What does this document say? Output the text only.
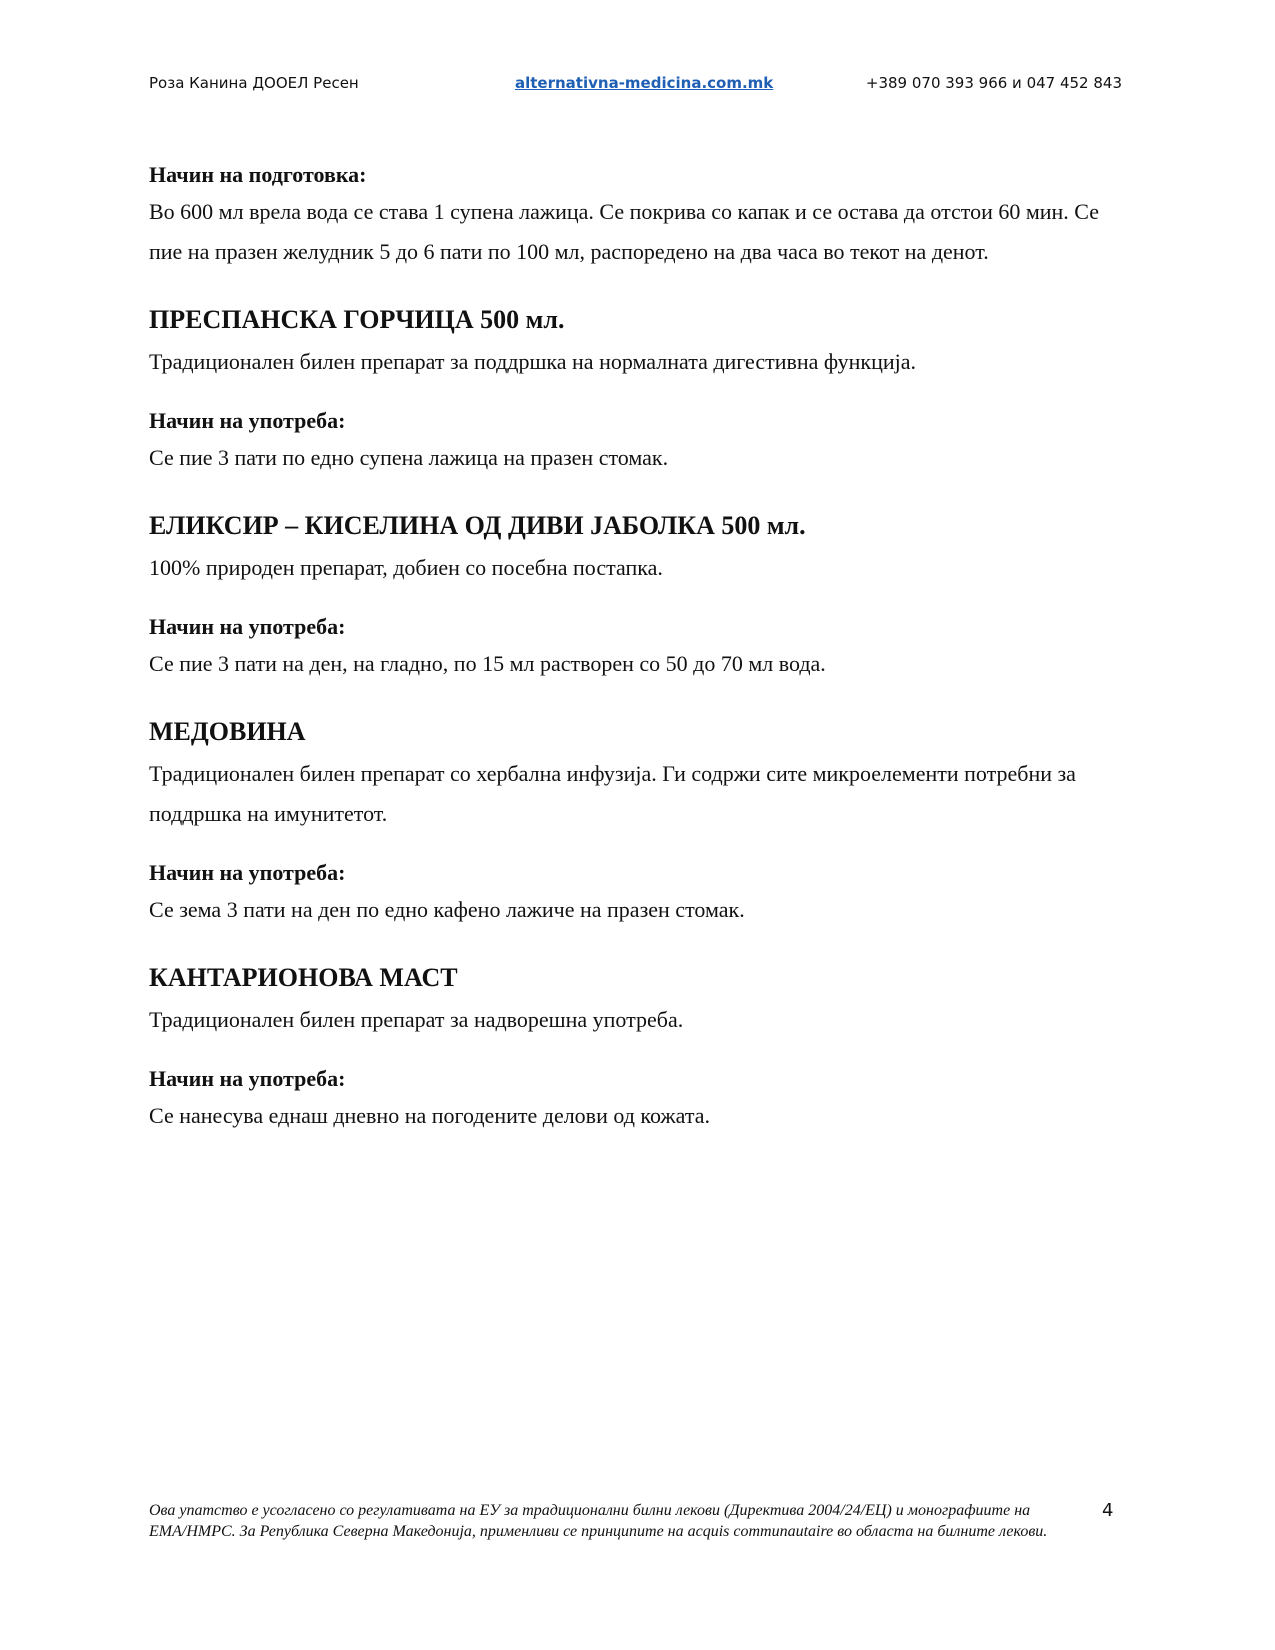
Роза Канина ДООЕЛ Ресен	alternativna-medicina.com.mk	+389 070 393 966 и 047 452 843

Начин на подготовка:

Во 600 мл врела вода се става 1 супена лажица. Се покрива со капак и се остава да отстои 60 мин. Се пие на празен желудник 5 до 6 пати по 100 мл, распоредено на два часа во текот на денот.

ПРЕСПАНСКА ГОРЧИЦА 500 мл.

Традиционален билен препарат за поддршка на нормалната дигестивна функција.

Начин на употреба:

Се пие 3 пати по едно супена лажица на празен стомак.

ЕЛИКСИР – КИСЕЛИНА ОД ДИВИ ЈАБОЛКА 500 мл.

100% природен препарат, добиен со посебна постапка.

Начин на употреба:

Се пие 3 пати на ден, на гладно, по 15 мл растворен со 50 до 70 мл вода.

МЕДОВИНА

Традиционален билен препарат со хербална инфузија. Ги содржи сите микроелементи потребни за поддршка на имунитетот.

Начин на употреба:

Се зема 3 пати на ден по едно кафено лажиче на празен стомак.

КАНТАРИОНОВА МАСТ

Традиционален билен препарат за надворешна употреба.

Начин на употреба:

Се нанесува еднаш дневно на погодените делови од кожата.

Ова упатство е усогласено со регулативата на ЕУ за традиционални билни лекови (Директива 2004/24/ЕЦ) и монографиите на ЕМА/HMPC. За Република Северна Македонија, применливи се принципите на acquis communautaire во областа на билните лекови.
4
